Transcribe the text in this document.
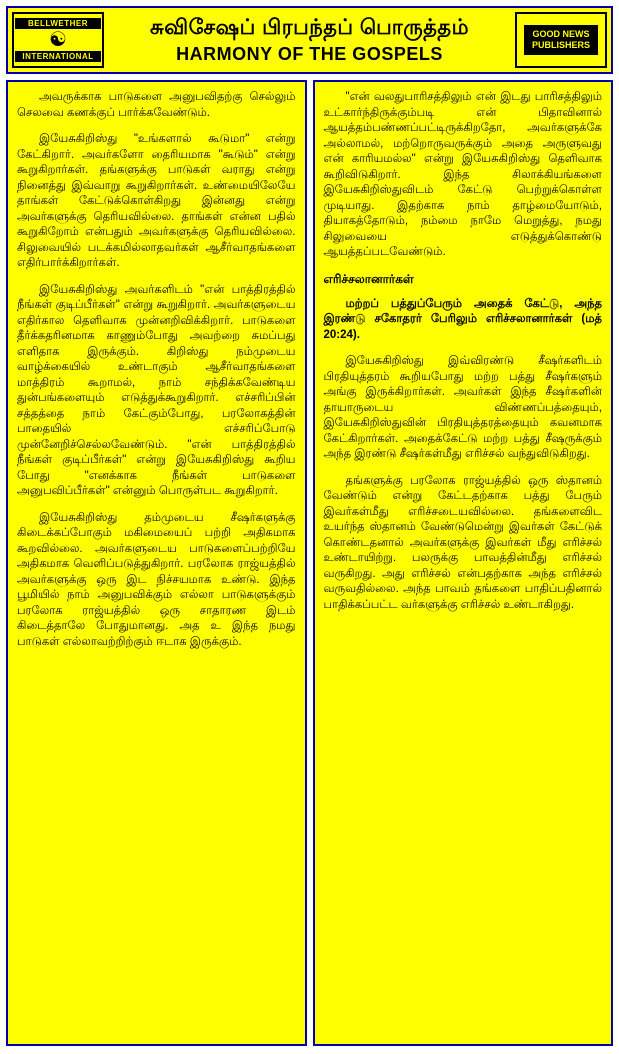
BELLWETHER
☯
INTERNATIONAL
சுவிசேஷப் பிரபந்தப் பொருத்தம்
HARMONY OF THE GOSPELS
GOOD NEWS
PUBLISHERS

அவருக்காக பாடுகளை அனுபவிதற்கு செல்லும் செலவை கணக்குப் பார்க்கவேண்டும்.

இயேசுகிறிஸ்து "உங்களால் கூடுமா" என்று கேட்கிறார். அவர்களோ தைரியமாக "கூடும்" என்று கூறுகிறார்கள். தங்களுக்கு பாடுகள் வராது என்று நினைத்து இவ்வாறு கூறுகிறார்கள். உண்மையிலேயே தாங்கள் கேட்டுக்கொள்கிறது இன்னது என்று அவர்களுக்கு தெரியவில்லை. தாங்கள் என்ன பதில் கூறுகிறோம் என்பதும் அவர்களுக்கு தெரியவில்லை. சிலுவையில் படக்கமில்லாதவர்கள் ஆசீர்வாதங்களை எதிர்பார்க்கிறார்கள்.

இயேசுகிறிஸ்து அவர்களிடம் "என் பாத்திரத்தில் நீங்கள் குடிப்பீர்கள்" என்று கூறுகிறார். அவர்களுடைய எதிர்கால தெளிவாக முன்னறிவிக்கிறார். பாடுகளை தீர்க்கதரினமாக காணும்போது அவற்றை சுமப்பது எளிதாக இருக்கும். கிறிஸ்து நம்முடைய வாழ்க்கையில் உண்டாகும் ஆசீர்வாதங்களை மாத்திரம் கூறாமல், நாம் சந்திக்கவேண்டிய துன்பங்களையும் எடுத்துக்கூறுகிறார். எச்சரிப்பின் சத்தத்தை நாம் கேட்கும்போது, பரலோகத்தின் பாதையில் எச்சரிப்போடு முன்னேறிச்செல்லவேண்டும். "என் பாத்திரத்தில் நீங்கள் குடிப்பீர்கள்" என்று இயேசுகிறிஸ்து கூறிய போது "எனக்காக நீங்கள் பாடுகளை அனுபவிப்பீர்கள்" என்னும் பொருள்பட கூறுகிறார்.

இயேசுகிறிஸ்து தம்முடைய சீஷர்களுக்கு கிடைக்கப்போகும் மகிமையைப் பற்றி அதிகமாக கூறவில்லை. அவர்களுடைய பாடுகளைப்பற்றியே அதிகமாக வெளிப்படுத்துகிறார். பரலோக ராஜ்யத்தில் அவர்களுக்கு ஒரு இட நிச்சயமாக உண்டு. இந்த பூமியில் நாம் அனுபவிக்கும் எல்லா பாடுகளுக்கும் பரலோக ராஜ்யத்தில் ஒரு சாதாரண இடம் கிடைத்தாலே போதுமானது. அத உ இந்த நமது பாடுகள் எல்லாவற்றிற்கும் ஈடாக இருக்கும்.

"என் வலதுபாரிசத்திலும் என் இடது பாரிசத்திலும் உட்கார்ந்திருக்கும்படி என் பிதாவினால் ஆயத்தம்பண்ணப்பட்டிருக்கிறதோ, அவர்களுக்கே அல்லாமல், மற்றொருவருக்கும் அதை அருளுவது என் காரியமல்ல" என்று இயேசுகிறிஸ்து தெளிவாக கூறிவிடுகிறார். இந்த சிலாக்கியங்களை இயேசுகிறிஸ்துவிடம் கேட்டு பெற்றுக்கொள்ள முடியாது. இதற்காக நாம் தாழ்மையோடும், தியாகத்தோடும், நம்மை நாமே மெறுத்து, நமது சிலுவையை எடுத்துக்கொண்டு ஆயத்தப்படவேண்டும்.

எரிச்சலானார்கள்

மற்றப் பத்துப்பேரும் அதைக் கேட்டு, அந்த இரண்டு சகோதரர் பேரிலும் எரிச்சலானார்கள் (மத் 20:24).

இயேசுகிறிஸ்து இவ்விரண்டு சீஷர்களிடம் பிரதியுத்தரம் கூறியபோது மற்ற பத்து சீஷர்களும் அங்கு இருக்கிறார்கள். அவர்கள் இந்த சீஷர்களின் தாயாருடைய விண்ணப்பத்தையும், இயேசுகிறிஸ்துவின் பிரதியுத்தரத்தையும் கவனமாக கேட்கிறார்கள். அதைக்கேட்டு மற்ற பத்து சீஷருக்கும் அந்த இரண்டு சீஷர்கள்மீது எரிச்சல் வந்துவிடுகிறது.

தங்களுக்கு பரலோக ராஜ்யத்தில் ஒரு ஸ்தானம் வேண்டும் என்று கேட்டதற்காக பத்து பேரும் இவர்கள்மீது எரிச்சடையவில்லை. தங்களைவிட உயர்ந்த ஸ்தானம் வேண்டுமென்று இவர்கள் கேட்டுக் கொண்டதனால் அவர்களுக்கு இவர்கள் மீது எரிச்சல் உண்டாயிற்று. பலருக்கு பாவத்தின்மீது எரிச்சல் வருகிறது. அது எரிச்சல் என்பதற்காக அந்த எரிச்சல் வருவதில்லை. அந்த பாவம் தங்களை பாதிப்பதினால் பாதிக்கப்பட்ட வர்களுக்கு எரிச்சல் உண்டாகிறது.
